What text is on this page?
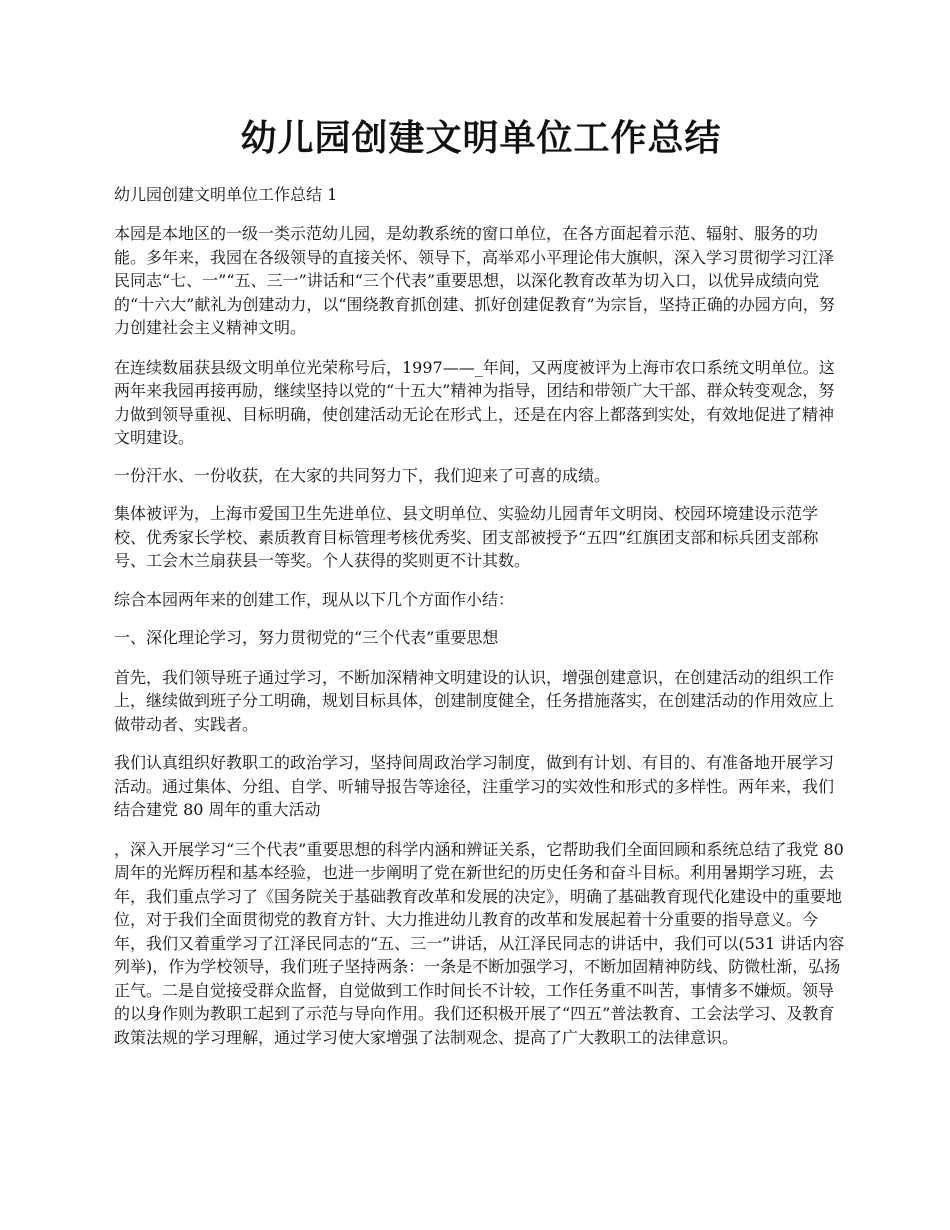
幼儿园创建文明单位工作总结

幼儿园创建文明单位工作总结 1

本园是本地区的一级一类示范幼儿园，是幼教系统的窗口单位，在各方面起着示范、辐射、服务的功能。多年来，我园在各级领导的直接关怀、领导下，高举邓小平理论伟大旗帜，深入学习贯彻学习江泽民同志“七、一”“五、三一”讲话和“三个代表”重要思想，以深化教育改革为切入口，以优异成绩向党的“十六大”献礼为创建动力，以“围绕教育抓创建、抓好创建促教育”为宗旨，坚持正确的办园方向，努力创建社会主义精神文明。

在连续数届获县级文明单位光荣称号后，1997——_年间，又两度被评为上海市农口系统文明单位。这两年来我园再接再励，继续坚持以党的“十五大”精神为指导，团结和带领广大干部、群众转变观念，努力做到领导重视、目标明确，使创建活动无论在形式上，还是在内容上都落到实处，有效地促进了精神文明建设。

一份汗水、一份收获，在大家的共同努力下，我们迎来了可喜的成绩。

集体被评为，上海市爱国卫生先进单位、县文明单位、实验幼儿园青年文明岗、校园环境建设示范学校、优秀家长学校、素质教育目标管理考核优秀奖、团支部被授予“五四”红旗团支部和标兵团支部称号、工会木兰扇获县一等奖。个人获得的奖则更不计其数。

综合本园两年来的创建工作，现从以下几个方面作小结：

一、深化理论学习，努力贯彻党的“三个代表”重要思想

首先，我们领导班子通过学习，不断加深精神文明建设的认识，增强创建意识，在创建活动的组织工作上，继续做到班子分工明确，规划目标具体，创建制度健全，任务措施落实，在创建活动的作用效应上做带动者、实践者。

我们认真组织好教职工的政治学习，坚持间周政治学习制度，做到有计划、有目的、有准备地开展学习活动。通过集体、分组、自学、听辅导报告等途径，注重学习的实效性和形式的多样性。两年来，我们结合建党 80 周年的重大活动

，深入开展学习“三个代表”重要思想的科学内涵和辨证关系，它帮助我们全面回顾和系统总结了我党 80 周年的光辉历程和基本经验，也进一步阐明了党在新世纪的历史任务和奋斗目标。利用暑期学习班，去年，我们重点学习了《国务院关于基础教育改革和发展的决定》，明确了基础教育现代化建设中的重要地位，对于我们全面贯彻党的教育方针、大力推进幼儿教育的改革和发展起着十分重要的指导意义。今年，我们又着重学习了江泽民同志的“五、三一”讲话，从江泽民同志的讲话中，我们可以(531 讲话内容列举)，作为学校领导，我们班子坚持两条：一条是不断加强学习，不断加固精神防线、防微杜渐，弘扬正气。二是自觉接受群众监督，自觉做到工作时间长不计较，工作任务重不叫苦，事情多不嫌烦。领导的以身作则为教职工起到了示范与导向作用。我们还积极开展了“四五”普法教育、工会法学习、及教育政策法规的学习理解，通过学习使大家增强了法制观念、提高了广大教职工的法律意识。
